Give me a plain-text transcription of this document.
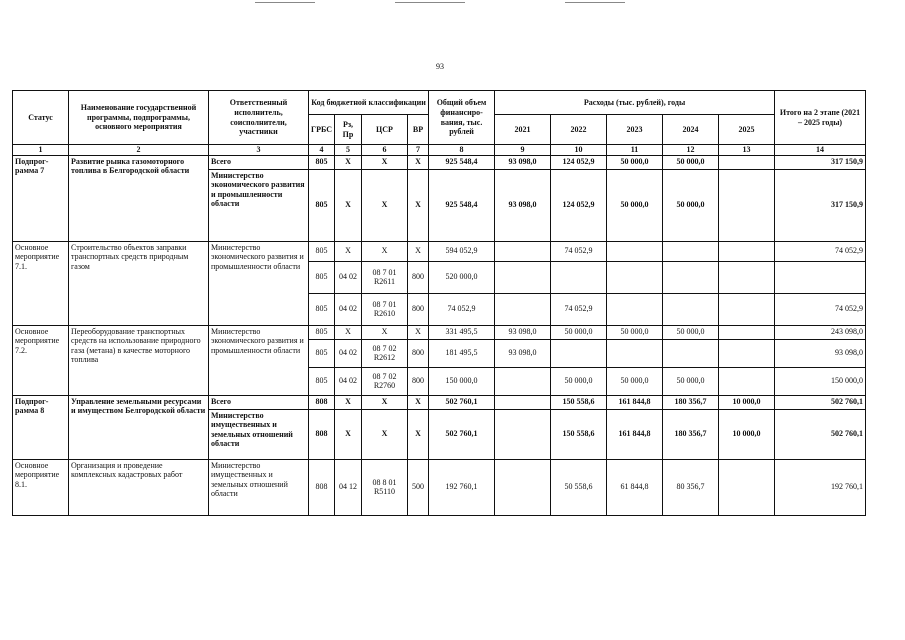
93
Статус	Наименование государственной программы, подпрограммы, основного мероприятия	Ответственный исполнитель, соисполнители, участники	Код бюджетной классификации				Общий объем финансиро-вания, тыс. рублей	Расходы (тыс. рублей), годы					Итого на 2 этапе (2021 – 2025 годы)
			ГРБС	Рз, Пр	ЦСР	ВР		2021	2022	2023	2024	2025	
1	2	3	4	5	6	7	8	9	10	11	12	13	14
Подпрог-рамма 7	Развитие рынка газомоторного топлива в Белгородской области	Всего	805	Х	Х	Х	925 548,4	93 098,0	124 052,9	50 000,0	50 000,0		317 150,9
		Министерство экономического развития и промышленности области	805	Х	Х	Х	925 548,4	93 098,0	124 052,9	50 000,0	50 000,0		317 150,9
Основное мероприятие 7.1.	Строительство объектов заправки транспортных средств природным газом	Министерство экономического развития и промышленности области	805	Х	Х	Х	594 052,9		74 052,9				74 052,9
			805	04 02	08 7 01 R2611	800	520 000,0						
			805	04 02	08 7 01 R2610	800	74 052,9		74 052,9				74 052,9
Основное мероприятие 7.2.	Переоборудование транспортных средств на использование природного газа (метана) в качестве моторного топлива	Министерство экономического развития и промышленности области	805	Х	Х	Х	331 495,5	93 098,0	50 000,0	50 000,0	50 000,0		243 098,0
			805	04 02	08 7 02 R2612	800	181 495,5	93 098,0					93 098,0
			805	04 02	08 7 02 R2760	800	150 000,0		50 000,0	50 000,0	50 000,0		150 000,0
Подпрог-рамма 8	Управление земельными ресурсами и имуществом Белгородской области	Всего	808	Х	Х	Х	502 760,1		150 558,6	161 844,8	180 356,7	10 000,0	502 760,1
		Министерство имущественных и земельных отношений области	808	Х	Х	Х	502 760,1		150 558,6	161 844,8	180 356,7	10 000,0	502 760,1
Основное мероприятие 8.1.	Организация и проведение комплексных кадастровых работ	Министерство имущественных и земельных отношений области	808	04 12	08 8 01 R5110	500	192 760,1		50 558,6	61 844,8	80 356,7		192 760,1
